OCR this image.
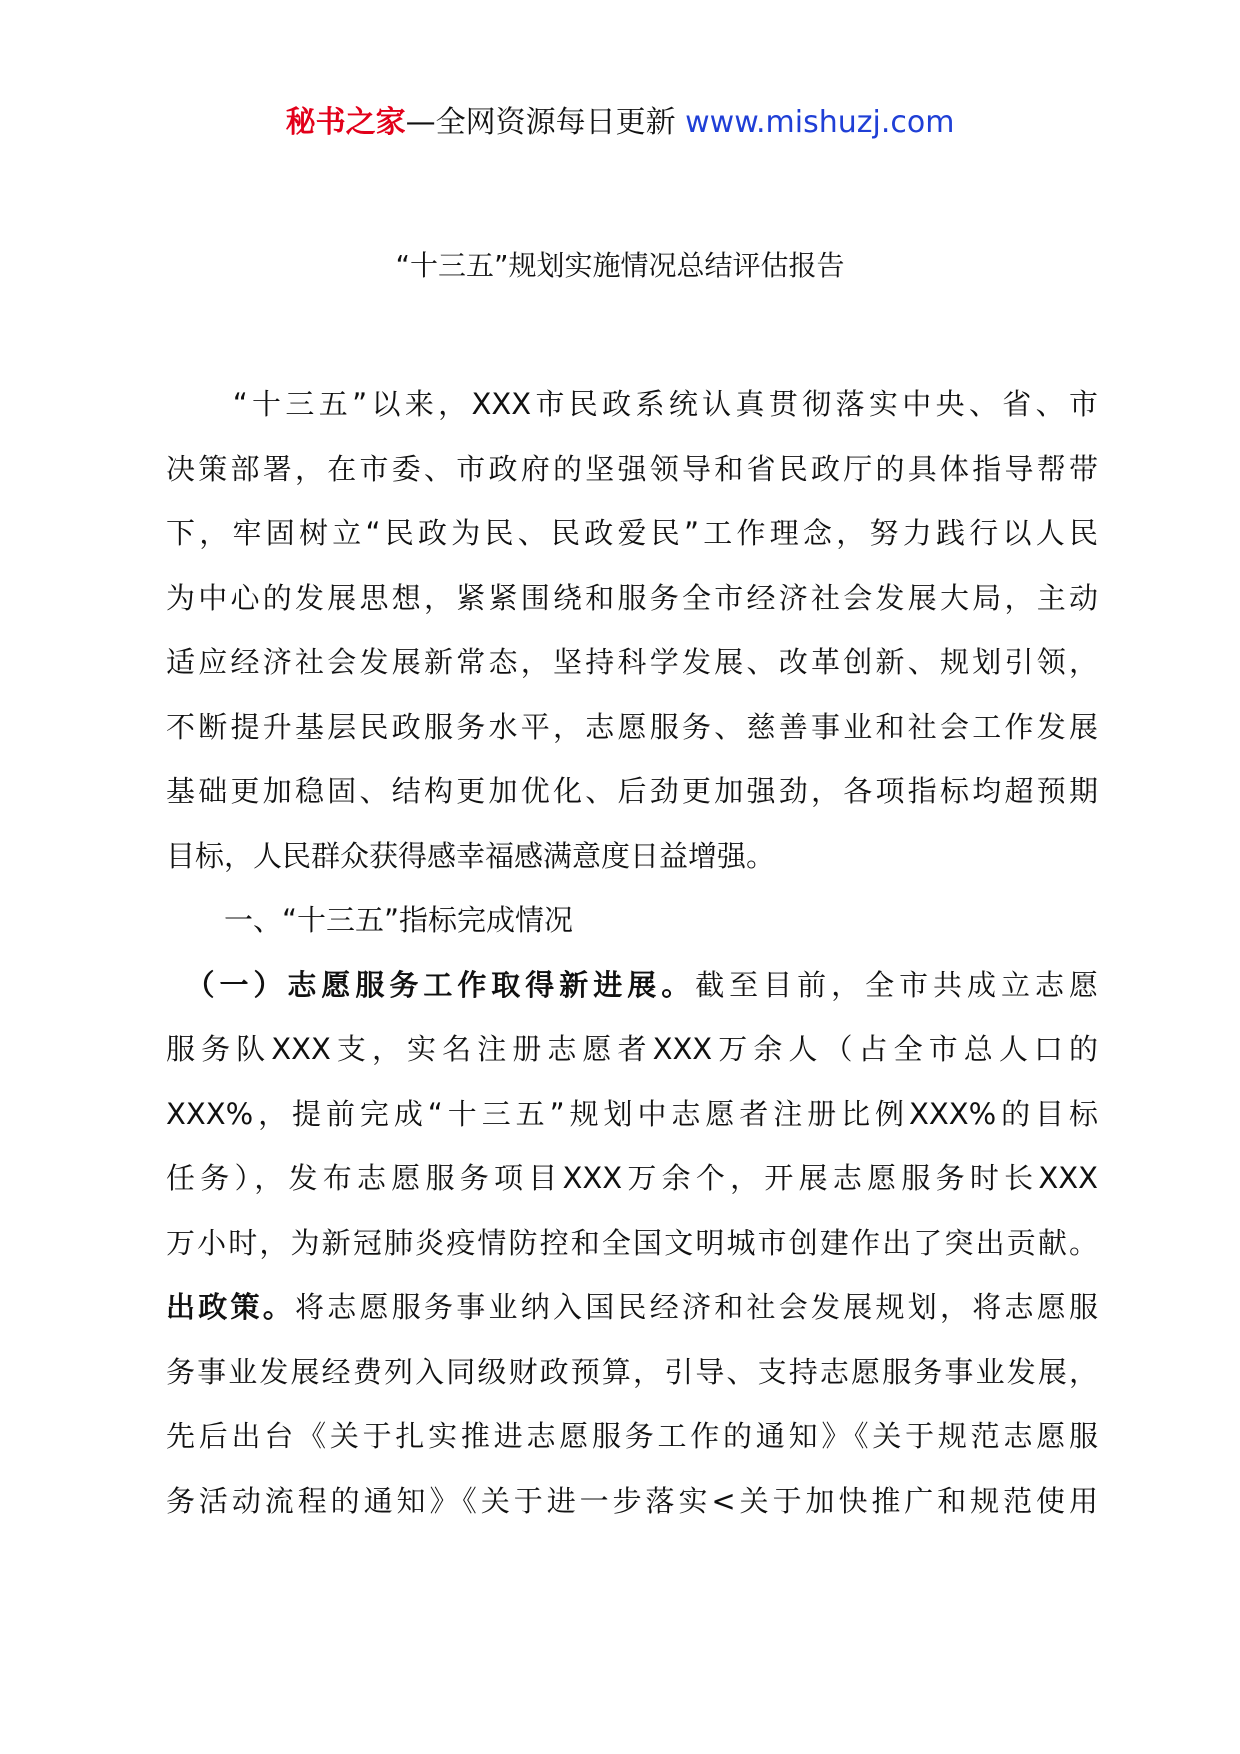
秘书之家—全网资源每日更新 www.mishuzj.com
“十三五”规划实施情况总结评估报告
　　“十三五”以来，XXX市民政系统认真贯彻落实中央、省、市
决策部署，在市委、市政府的坚强领导和省民政厅的具体指导帮带
下，牢固树立“民政为民、民政爱民”工作理念，努力践行以人民
为中心的发展思想，紧紧围绕和服务全市经济社会发展大局，主动
适应经济社会发展新常态，坚持科学发展、改革创新、规划引领，
不断提升基层民政服务水平，志愿服务、慈善事业和社会工作发展
基础更加稳固、结构更加优化、后劲更加强劲，各项指标均超预期
目标，人民群众获得感幸福感满意度日益增强。
　　一、“十三五”指标完成情况
　（一）志愿服务工作取得新进展。截至目前，全市共成立志愿
服务队XXX支，实名注册志愿者XXX万余人（占全市总人口的
XXX%，提前完成“十三五”规划中志愿者注册比例XXX%的目标
任务），发布志愿服务项目XXX万余个，开展志愿服务时长XXX
万小时，为新冠肺炎疫情防控和全国文明城市创建作出了突出贡献。
出政策。将志愿服务事业纳入国民经济和社会发展规划，将志愿服
务事业发展经费列入同级财政预算，引导、支持志愿服务事业发展，
先后出台《关于扎实推进志愿服务工作的通知》《关于规范志愿服
务活动流程的通知》《关于进一步落实<关于加快推广和规范使用
